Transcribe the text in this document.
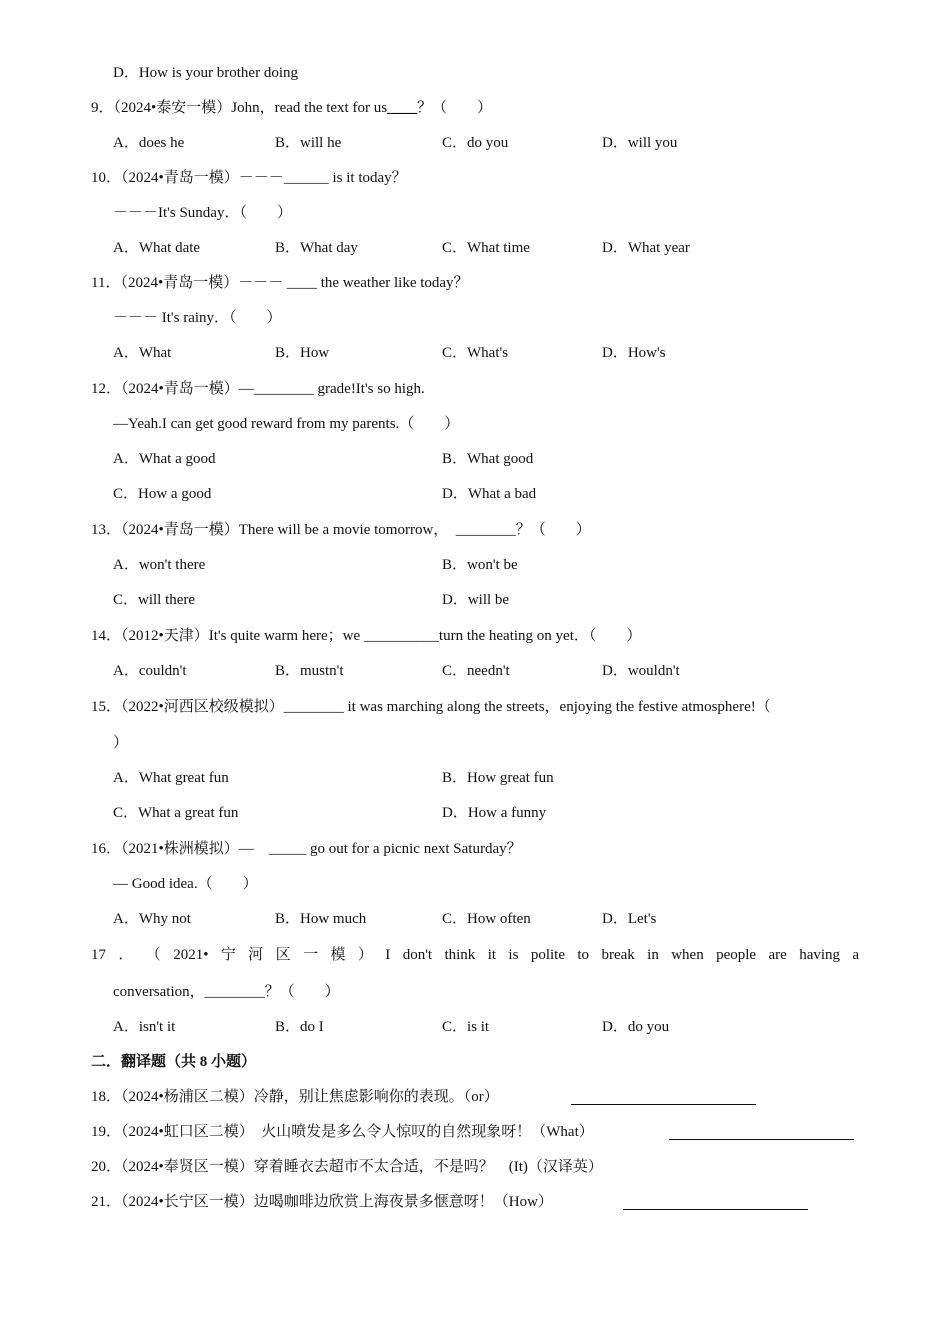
D．How is your brother doing
9．（2024•泰安一模）John，read the text for us____？（　　）
A．does he	B．will he	C．do you	D．will you
10．（2024•青岛一模）－－－______ is it today？
－－－It's Sunday．（　　）
A．What date	B．What day	C．What time	D．What year
11．（2024•青岛一模）－－－ ____ the weather like today？
－－－ It's rainy．（　　）
A．What	B．How	C．What's	D．How's
12．（2024•青岛一模）—________ grade!It's so high.
—Yeah.I can get good reward from my parents.（　　）
A．What a good	B．What good
C．How a good	D．What a bad
13．（2024•青岛一模）There will be a movie tomorrow，　________？（　　）
A．won't there	B．won't be
C．will there	D．will be
14．（2012•天津）It's quite warm here；we __________turn the heating on yet．（　　）
A．couldn't	B．mustn't	C．needn't	D．wouldn't
15．（2022•河西区校级模拟）________ it was marching along the streets，enjoying the festive atmosphere!（
）
A．What great fun	B．How great fun
C．What a great fun	D．How a funny
16．（2021•株洲模拟）—　_____ go out for a picnic next Saturday？
— Good idea.（　　）
A．Why not	B．How much	C．How often	D．Let's
17 ． （ 2021• 宁 河 区 一 模 ） I don't think it is polite to break in when people are having a
conversation，________？（　　）
A．isn't it	B．do I	C．is it	D．do you
二．翻译题（共 8 小题）
18．（2024•杨浦区二模）冷静，别让焦虑影响你的表现。（or）
19．（2024•虹口区二模）　火山喷发是多么令人惊叹的自然现象呀！（What）
20．（2024•奉贤区一模）穿着睡衣去超市不太合适，不是吗？　(It)（汉译英）
21．（2024•长宁区一模）边喝咖啡边欣赏上海夜景多惬意呀！（How）
